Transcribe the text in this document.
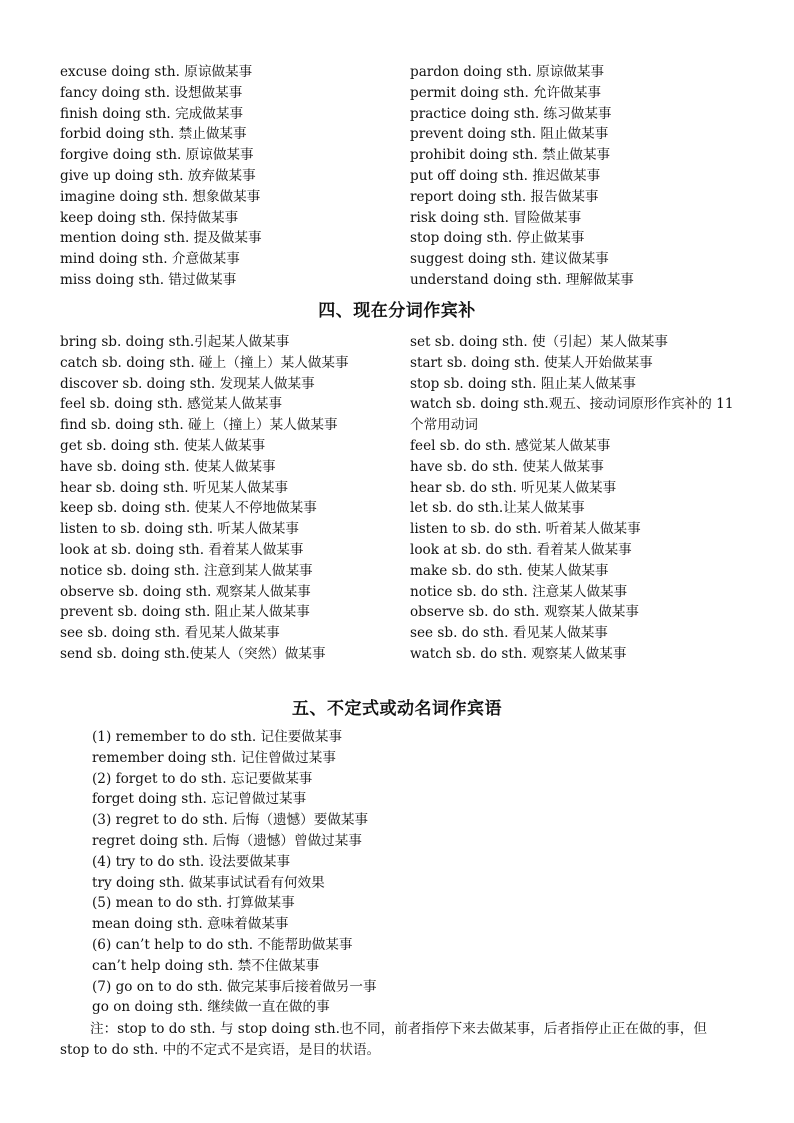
excuse doing sth. 原谅做某事
fancy doing sth. 设想做某事
finish doing sth. 完成做某事
forbid doing sth. 禁止做某事
forgive doing sth. 原谅做某事
give up doing sth. 放弃做某事
imagine doing sth. 想象做某事
keep doing sth. 保持做某事
mention doing sth. 提及做某事
mind doing sth. 介意做某事
miss doing sth. 错过做某事
pardon doing sth. 原谅做某事
permit doing sth. 允许做某事
practice doing sth. 练习做某事
prevent doing sth. 阻止做某事
prohibit doing sth. 禁止做某事
put off doing sth. 推迟做某事
report doing sth. 报告做某事
risk doing sth. 冒险做某事
stop doing sth. 停止做某事
suggest doing sth. 建议做某事
understand doing sth. 理解做某事
四、现在分词作宾补
bring sb. doing sth.引起某人做某事
catch sb. doing sth. 碰上（撞上）某人做某事
discover sb. doing sth. 发现某人做某事
feel sb. doing sth. 感觉某人做某事
find sb. doing sth. 碰上（撞上）某人做某事
get sb. doing sth. 使某人做某事
have sb. doing sth. 使某人做某事
hear sb. doing sth. 听见某人做某事
keep sb. doing sth. 使某人不停地做某事
listen to sb. doing sth. 听某人做某事
look at sb. doing sth. 看着某人做某事
notice sb. doing sth. 注意到某人做某事
observe sb. doing sth. 观察某人做某事
prevent sb. doing sth. 阻止某人做某事
see sb. doing sth. 看见某人做某事
send sb. doing sth.使某人（突然）做某事
set sb. doing sth. 使（引起）某人做某事
start sb. doing sth. 使某人开始做某事
stop sb. doing sth. 阻止某人做某事
watch sb. doing sth.观五、接动词原形作宾补的 11 个常用动词
feel sb. do sth. 感觉某人做某事
have sb. do sth. 使某人做某事
hear sb. do sth. 听见某人做某事
let sb. do sth.让某人做某事
listen to sb. do sth. 听着某人做某事
look at sb. do sth. 看着某人做某事
make sb. do sth. 使某人做某事
notice sb. do sth. 注意某人做某事
observe sb. do sth. 观察某人做某事
see sb. do sth. 看见某人做某事
watch sb. do sth. 观察某人做某事
五、不定式或动名词作宾语
(1) remember to do sth. 记住要做某事
remember doing sth. 记住曾做过某事
(2) forget to do sth. 忘记要做某事
forget doing sth. 忘记曾做过某事
(3) regret to do sth. 后悔（遗憾）要做某事
regret doing sth. 后悔（遗憾）曾做过某事
(4) try to do sth. 设法要做某事
try doing sth. 做某事试试看有何效果
(5) mean to do sth. 打算做某事
mean doing sth. 意味着做某事
(6) can’t help to do sth. 不能帮助做某事
can’t help doing sth. 禁不住做某事
(7) go on to do sth. 做完某事后接着做另一事
go on doing sth. 继续做一直在做的事
注：stop to do sth. 与 stop doing sth.也不同，前者指停下来去做某事，后者指停止正在做的事，但 stop to do sth. 中的不定式不是宾语，是目的状语。
